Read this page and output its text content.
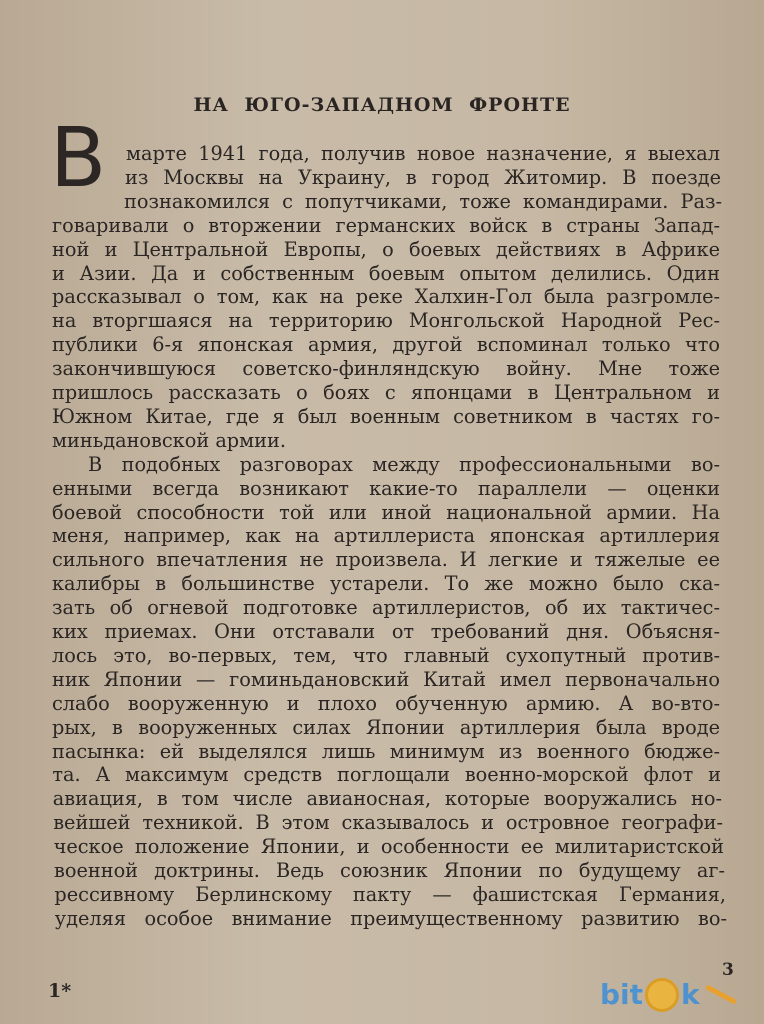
НА ЮГО-ЗАПАДНОМ ФРОНТЕ
В марте 1941 года, получив новое назначение, я выехал
из Москвы на Украину, в город Житомир. В поезде
познакомился с попутчиками, тоже командирами. Раз-
говаривали о вторжении германских войск в страны Запад-
ной и Центральной Европы, о боевых действиях в Африке
и Азии. Да и собственным боевым опытом делились. Один
рассказывал о том, как на реке Халхин-Гол была разгромле-
на вторгшаяся на территорию Монгольской Народной Рес-
публики 6-я японская армия, другой вспоминал только что
закончившуюся советско-финляндскую войну. Мне тоже
пришлось рассказать о боях с японцами в Центральном и
Южном Китае, где я был военным советником в частях го-
миньдановской армии.
В подобных разговорах между профессиональными во-
енными всегда возникают какие-то параллели — оценки
боевой способности той или иной национальной армии. На
меня, например, как на артиллериста японская артиллерия
сильного впечатления не произвела. И легкие и тяжелые ее
калибры в большинстве устарели. То же можно было ска-
зать об огневой подготовке артиллеристов, об их тактичес-
ких приемах. Они отставали от требований дня. Объясня-
лось это, во-первых, тем, что главный сухопутный против-
ник Японии — гоминьдановский Китай имел первоначально
слабо вооруженную и плохо обученную армию. А во-вто-
рых, в вооруженных силах Японии артиллерия была вроде
пасынка: ей выделялся лишь минимум из военного бюдже-
та. А максимум средств поглощали военно-морской флот и
авиация, в том числе авианосная, которые вооружались но-
вейшей техникой. В этом сказывалось и островное географи-
ческое положение Японии, и особенности ее милитаристской
военной доктрины. Ведь союзник Японии по будущему аг-
рессивному Берлинскому пакту — фашистская Германия,
уделяя особое внимание преимущественному развитию во-
1*
3
bit k
